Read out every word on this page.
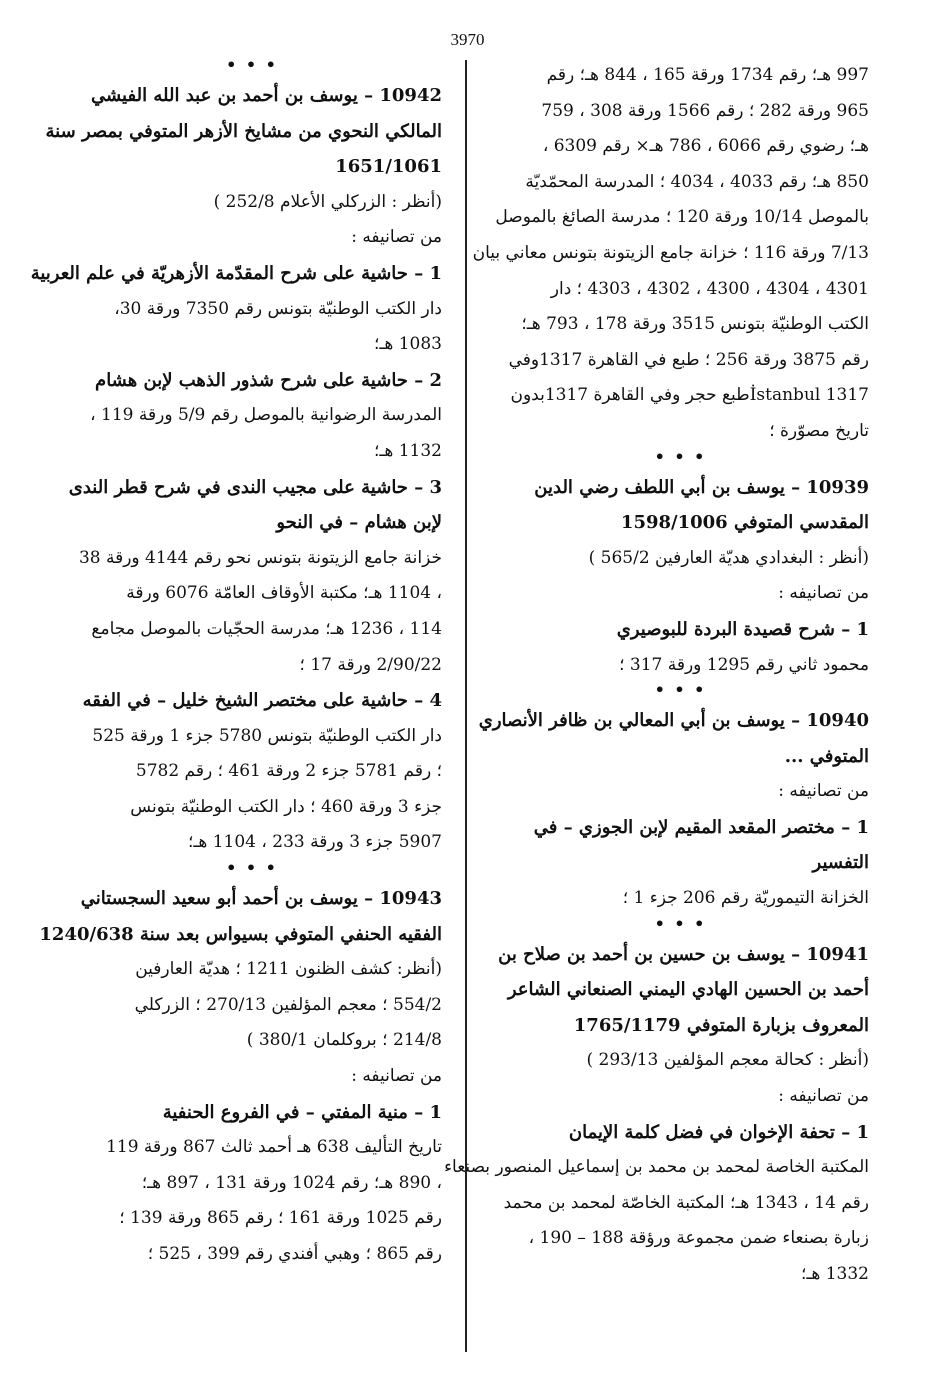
3970
997 هـ؛ رقم 1734 ورقة 165 ، 844 هـ؛ رقم
965 ورقة 282 ؛ رقم 1566 ورقة 308 ، 759
هـ؛ رضوي رقم 6066 ، 786 هـ× رقم 6309 ،
850 هـ؛ رقم 4033 ، 4034 ؛ المدرسة المحمّديّة
بالموصل 10/14 ورقة 120 ؛ مدرسة الصائغ بالموصل
7/13 ورقة 116 ؛ خزانة جامع الزيتونة بتونس معاني بيان
4301 ، 4304 ، 4300 ، 4302 ، 4303 ؛ دار
الكتب الوطنيّة بتونس 3515 ورقة 178 ، 793 هـ؛
رقم 3875 ورقة 256 ؛ طبع في القاهرة 1317وفي
İstanbul 1317طبع حجر وفي القاهرة 1317بدون
تاريخ مصوّرة ؛
• • •
10939 – يوسف بن أبي اللطف رضي الدين
المقدسي المتوفي 1598/1006
(أنظر : البغدادي هديّة العارفين 565/2 )
من تصانيفه :
1 – شرح قصيدة البردة للبوصيري
محمود ثاني رقم 1295 ورقة 317 ؛
• • •
10940 – يوسف بن أبي المعالي بن ظافر الأنصاري
المتوفي ...
من تصانيفه :
1 – مختصر المقعد المقيم لإبن الجوزي – في
التفسير
الخزانة التيموريّة رقم 206 جزء 1 ؛
• • •
10941 – يوسف بن حسين بن أحمد بن صلاح بن
أحمد بن الحسين الهادي اليمني الصنعاني الشاعر
المعروف بزبارة المتوفي 1765/1179
(أنظر : كحالة معجم المؤلفين 293/13 )
من تصانيفه :
1 – تحفة الإخوان في فضل كلمة الإيمان
المكتبة الخاصة لمحمد بن محمد بن إسماعيل المنصور بصنعاء
رقم 14 ، 1343 هـ؛ المكتبة الخاصّة لمحمد بن محمد
زبارة بصنعاء ضمن مجموعة ورؤقة 188 – 190 ،
1332 هـ؛
• • •
10942 – يوسف بن أحمد بن عبد الله الفيشي
المالكي النحوي من مشايخ الأزهر المتوفي بمصر سنة
1651/1061
(أنظر : الزركلي الأعلام 252/8 )
من تصانيفه :
1 – حاشية على شرح المقدّمة الأزهريّة في علم العربية
دار الكتب الوطنيّة بتونس رقم 7350 ورقة 30،
1083 هـ؛
2 – حاشية على شرح شذور الذهب لإبن هشام
المدرسة الرضوانية بالموصل رقم 5/9 ورقة 119 ،
1132 هـ؛
3 – حاشية على مجيب الندى في شرح قطر الندى
لإبن هشام – في النحو
خزانة جامع الزيتونة بتونس نحو رقم 4144 ورقة 38
، 1104 هـ؛ مكتبة الأوقاف العامّة 6076 ورقة
114 ، 1236 هـ؛ مدرسة الحجّيات بالموصل مجامع
2/90/22 ورقة 17 ؛
4 – حاشية على مختصر الشيخ خليل – في الفقه
دار الكتب الوطنيّة بتونس 5780 جزء 1 ورقة 525
؛ رقم 5781 جزء 2 ورقة 461 ؛ رقم 5782
جزء 3 ورقة 460 ؛ دار الكتب الوطنيّة بتونس
5907 جزء 3 ورقة 233 ، 1104 هـ؛
• • •
10943 – يوسف بن أحمد أبو سعيد السجستاني
الفقيه الحنفي المتوفي بسيواس بعد سنة 1240/638
(أنظر: كشف الظنون 1211 ؛ هديّة العارفين
554/2 ؛ معجم المؤلفين 270/13 ؛ الزركلي
214/8 ؛ بروكلمان 380/1 )
من تصانيفه :
1 – منية المفتي – في الفروع الحنفية
تاريخ التأليف 638 هـ أحمد ثالث 867 ورقة 119
، 890 هـ؛ رقم 1024 ورقة 131 ، 897 هـ؛
رقم 1025 ورقة 161 ؛ رقم 865 ورقة 139 ؛
رقم 865 ؛ وهبي أفندي رقم 399 ، 525 ؛
